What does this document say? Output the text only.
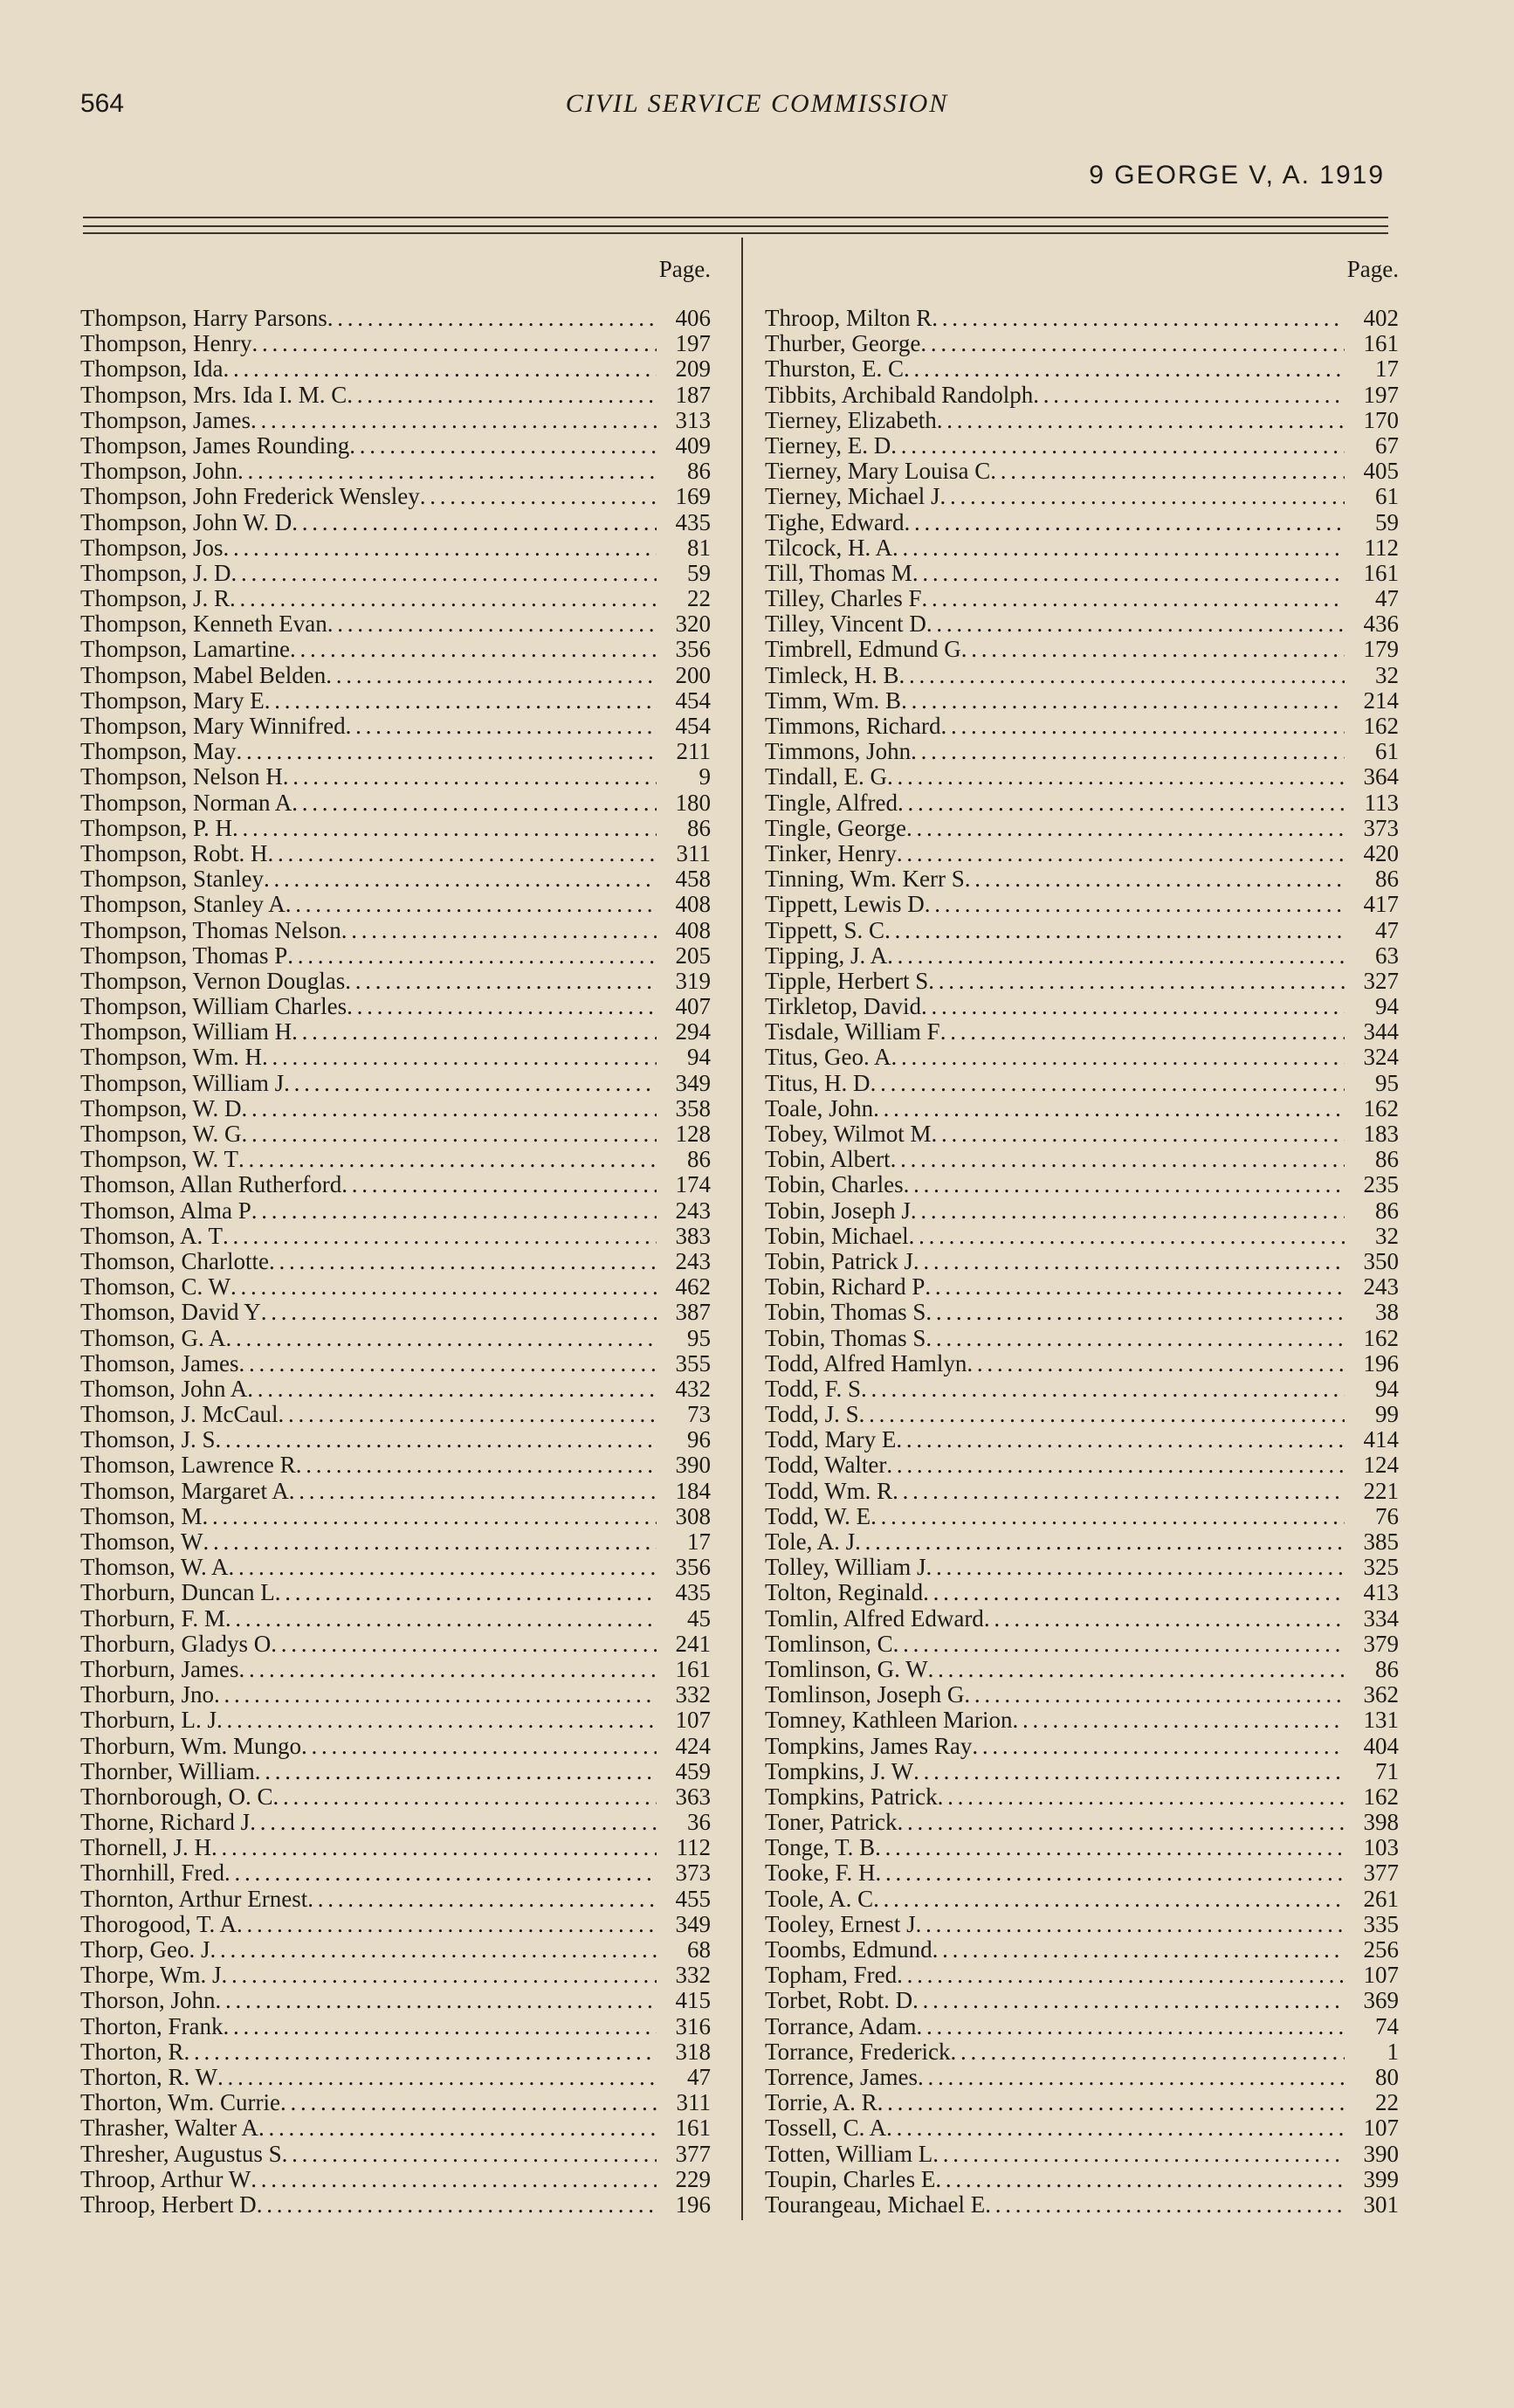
564	CIVIL SERVICE COMMISSION
9 GEORGE V, A. 1919
Page.
Thompson, Harry Parsons . . .	406
Thompson, Henry . . .	197
Thompson, Ida . . .	209
Thompson, Mrs. Ida I. M. C . . .	187
Thompson, James . . .	313
Thompson, James Rounding . . .	409
Thompson, John . . .	86
Thompson, John Frederick Wensley . . .	169
Thompson, John W. D . . .	435
Thompson, Jos . . .	81
Thompson, J. D . . .	59
Thompson, J. R . . .	22
Thompson, Kenneth Evan . . .	320
Thompson, Lamartine . . .	356
Thompson, Mabel Belden . . .	200
Thompson, Mary E . . .	454
Thompson, Mary Winnifred . . .	454
Thompson, May . . .	211
Thompson, Nelson H . . .	9
Thompson, Norman A . . .	180
Thompson, P. H . . .	86
Thompson, Robt. H . . .	311
Thompson, Stanley . . .	458
Thompson, Stanley A . . .	408
Thompson, Thomas Nelson . . .	408
Thompson, Thomas P . . .	205
Thompson, Vernon Douglas . . .	319
Thompson, William Charles . . .	407
Thompson, William H . . .	294
Thompson, Wm. H . . .	94
Thompson, William J . . .	349
Thompson, W. D . . .	358
Thompson, W. G . . .	128
Thompson, W. T . . .	86
Thomson, Allan Rutherford . . .	174
Thomson, Alma P . . .	243
Thomson, A. T . . .	383
Thomson, Charlotte . . .	243
Thomson, C. W . . .	462
Thomson, David Y . . .	387
Thomson, G. A . . .	95
Thomson, James . . .	355
Thomson, John A . . .	432
Thomson, J. McCaul . . .	73
Thomson, J. S . . .	96
Thomson, Lawrence R . . .	390
Thomson, Margaret A . . .	184
Thomson, M . . .	308
Thomson, W . . .	17
Thomson, W. A . . .	356
Thorburn, Duncan L . . .	435
Thorburn, F. M . . .	45
Thorburn, Gladys O . . .	241
Thorburn, James . . .	161
Thorburn, Jno . . .	332
Thorburn, L. J . . .	107
Thorburn, Wm. Mungo . . .	424
Thornber, William . . .	459
Thornborough, O. C . . .	363
Thorne, Richard J . . .	36
Thornell, J. H . . .	112
Thornhill, Fred . . .	373
Thornton, Arthur Ernest . . .	455
Thorogood, T. A . . .	349
Thorp, Geo. J . . .	68
Thorpe, Wm. J . . .	332
Thorson, John . . .	415
Thorton, Frank . . .	316
Thorton, R . . .	318
Thorton, R. W . . .	47
Thorton, Wm. Currie . . .	311
Thrasher, Walter A . . .	161
Thresher, Augustus S . . .	377
Throop, Arthur W . . .	229
Throop, Herbert D . . .	196
Page.
Throop, Milton R . . .	402
Thurber, George . . .	161
Thurston, E. C . . .	17
Tibbits, Archibald Randolph . . .	197
Tierney, Elizabeth . . .	170
Tierney, E. D . . .	67
Tierney, Mary Louisa C . . .	405
Tierney, Michael J . . .	61
Tighe, Edward . . .	59
Tilcock, H. A . . .	112
Till, Thomas M . . .	161
Tilley, Charles F . . .	47
Tilley, Vincent D . . .	436
Timbrell, Edmund G . . .	179
Timleck, H. B . . .	32
Timm, Wm. B . . .	214
Timmons, Richard . . .	162
Timmons, John . . .	61
Tindall, E. G . . .	364
Tingle, Alfred . . .	113
Tingle, George . . .	373
Tinker, Henry . . .	420
Tinning, Wm. Kerr S . . .	86
Tippett, Lewis D . . .	417
Tippett, S. C . . .	47
Tipping, J. A . . .	63
Tipple, Herbert S . . .	327
Tirkletop, David . . .	94
Tisdale, William F . . .	344
Titus, Geo. A . . .	324
Titus, H. D . . .	95
Toale, John . . .	162
Tobey, Wilmot M . . .	183
Tobin, Albert . . .	86
Tobin, Charles . . .	235
Tobin, Joseph J . . .	86
Tobin, Michael . . .	32
Tobin, Patrick J . . .	350
Tobin, Richard P . . .	243
Tobin, Thomas S . . .	38
Tobin, Thomas S . . .	162
Todd, Alfred Hamlyn . . .	196
Todd, F. S . . .	94
Todd, J. S . . .	99
Todd, Mary E . . .	414
Todd, Walter . . .	124
Todd, Wm. R . . .	221
Todd, W. E . . .	76
Tole, A. J . . .	385
Tolley, William J . . .	325
Tolton, Reginald . . .	413
Tomlin, Alfred Edward . . .	334
Tomlinson, C . . .	379
Tomlinson, G. W . . .	86
Tomlinson, Joseph G . . .	362
Tomney, Kathleen Marion . . .	131
Tompkins, James Ray . . .	404
Tompkins, J. W . . .	71
Tompkins, Patrick . . .	162
Toner, Patrick . . .	398
Tonge, T. B . . .	103
Tooke, F. H . . .	377
Toole, A. C . . .	261
Tooley, Ernest J . . .	335
Toombs, Edmund . . .	256
Topham, Fred . . .	107
Torbet, Robt. D . . .	369
Torrance, Adam . . .	74
Torrance, Frederick . . .	1
Torrence, James . . .	80
Torrie, A. R . . .	22
Tossell, C. A . . .	107
Totten, William L . . .	390
Toupin, Charles E . . .	399
Tourangeau, Michael E . . .	301
